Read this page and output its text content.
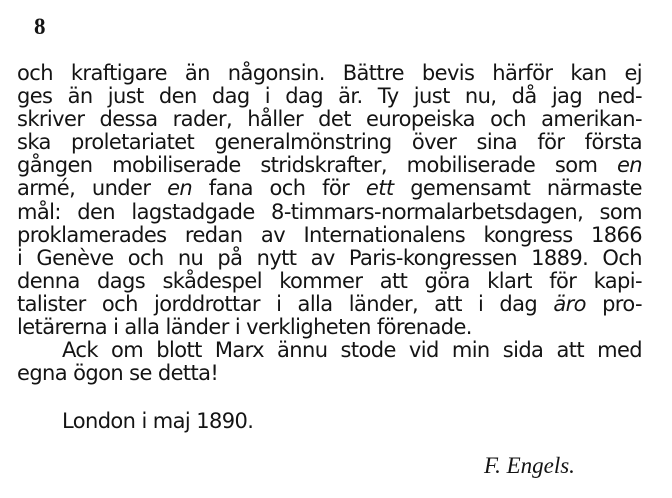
8
och kraftigare än någonsin. Bättre bevis härför kan ej
ges än just den dag i dag är. Ty just nu, då jag ned-
skriver dessa rader, håller det europeiska och amerikan-
ska proletariatet generalmönstring över sina för första
gången mobiliserade stridskrafter, mobiliserade som en
armé, under en fana och för ett gemensamt närmaste
mål: den lagstadgade 8-timmars-normalarbetsdagen, som
proklamerades redan av Internationalens kongress 1866
i Genève och nu på nytt av Paris-kongressen 1889. Och
denna dags skådespel kommer att göra klart för kapi-
talister och jorddrottar i alla länder, att i dag äro pro-
letärerna i alla länder i verkligheten förenade.
Ack om blott Marx ännu stode vid min sida att med
egna ögon se detta!
London i maj 1890.
F. Engels.
